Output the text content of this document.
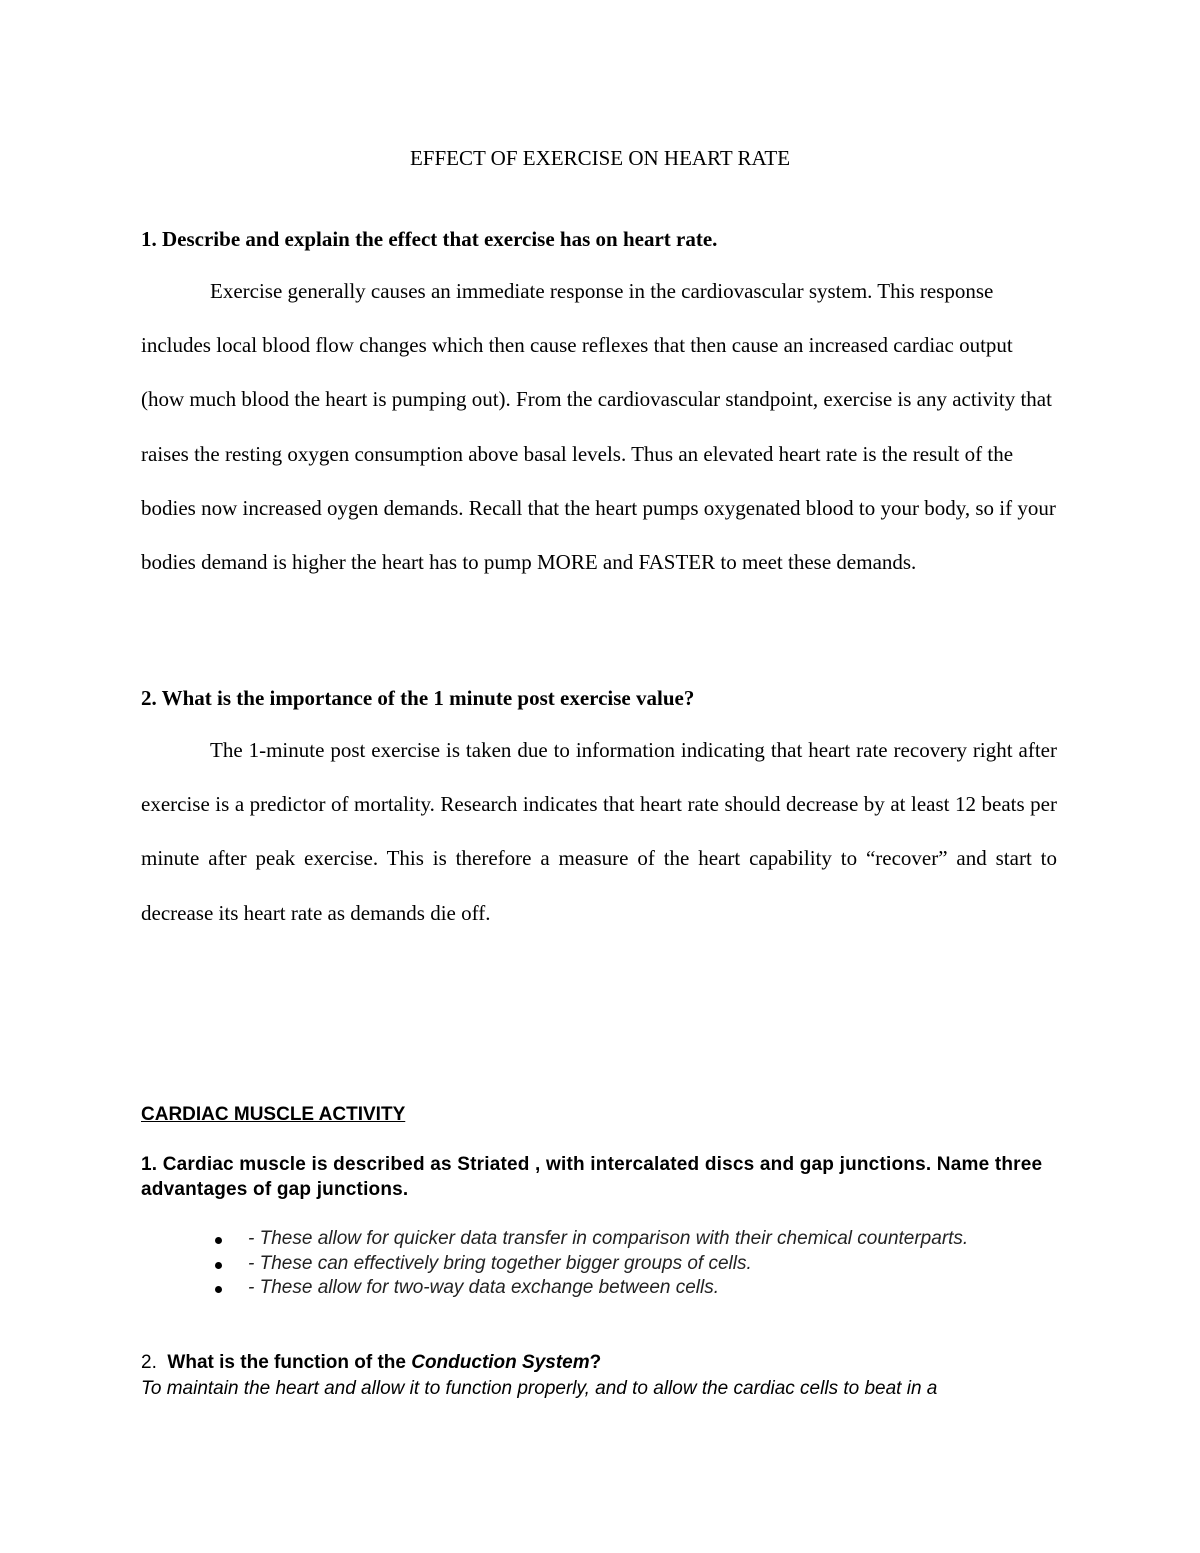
EFFECT OF EXERCISE ON HEART RATE
1. Describe and explain the effect that exercise has on heart rate.

Exercise generally causes an immediate response in the cardiovascular system. This response includes local blood flow changes which then cause reflexes that then cause an increased cardiac output (how much blood the heart is pumping out). From the cardiovascular standpoint, exercise is any activity that raises the resting oxygen consumption above basal levels. Thus an elevated heart rate is the result of the bodies now increased oygen demands. Recall that the heart pumps oxygenated blood to your body, so if your bodies demand is higher the heart has to pump MORE and FASTER to meet these demands.

2. What is the importance of the 1 minute post exercise value?

The 1-minute post exercise is taken due to information indicating that heart rate recovery right after exercise is a predictor of mortality. Research indicates that heart rate should decrease by at least 12 beats per minute after peak exercise. This is therefore a measure of the heart capability to “recover” and start to decrease its heart rate as demands die off.

CARDIAC MUSCLE ACTIVITY
1. Cardiac muscle is described as Striated , with intercalated discs and gap junctions. Name three advantages of gap junctions.
- These allow for quicker data transfer in comparison with their chemical counterparts.
- These can effectively bring together bigger groups of cells.
- These allow for two-way data exchange between cells.
2. What is the function of the Conduction System?
To maintain the heart and allow it to function properly, and to allow the cardiac cells to beat in a
